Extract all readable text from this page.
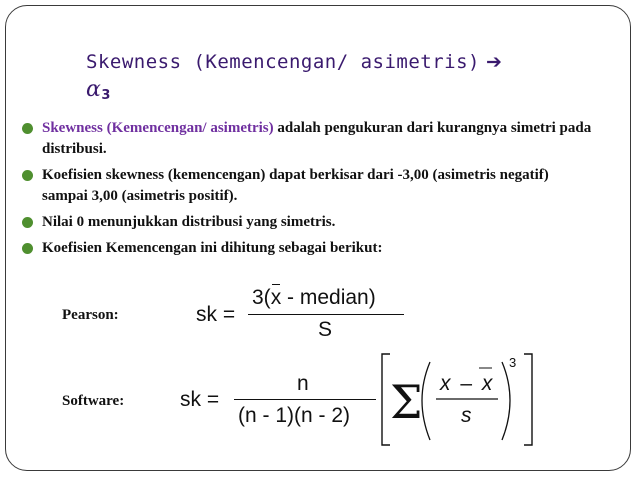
Skewness (Kemencengan/ asimetris) ➔
$\alpha_3$
Skewness (Kemencengan/ asimetris) adalah pengukuran dari kurangnya simetri pada distribusi.
Koefisien skewness (kemencengan) dapat berkisar dari -3,00 (asimetris negatif) sampai 3,00 (asimetris positif).
Nilai 0 menunjukkan distribusi yang simetris.
Koefisien Kemencengan ini dihitung sebagai berikut:
Pearson:	sk =
3(
x - median)
S
Software:	sk =
n
(n - 1)(n - 2) Σ x – x
s
3
